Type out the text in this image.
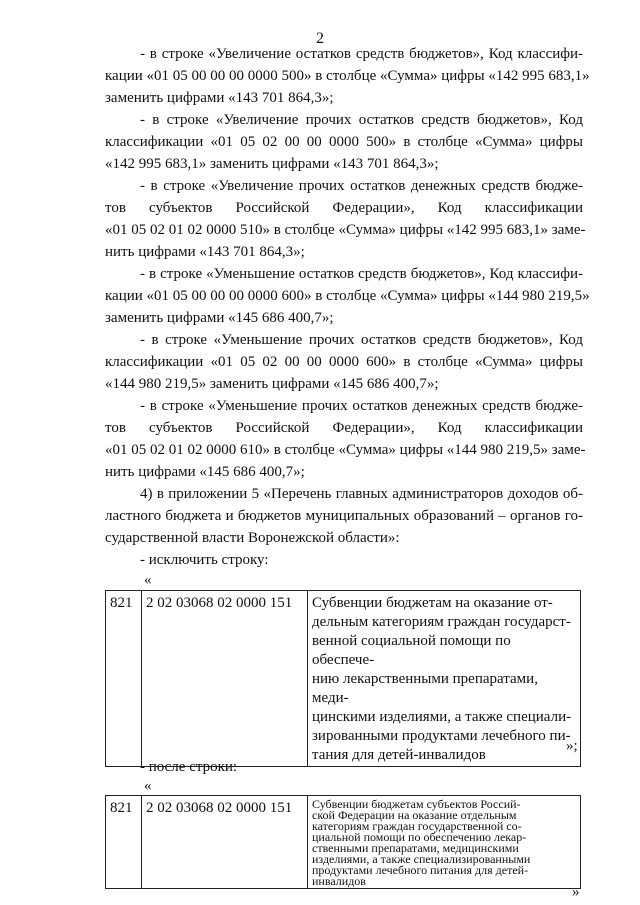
2
- в строке «Увеличение остатков средств бюджетов», Код классифи-
кации «01 05 00 00 00 0000 500» в столбце «Сумма» цифры «142 995 683,1»
заменить цифрами «143 701 864,3»;
- в строке «Увеличение прочих остатков средств бюджетов», Код
классификации «01 05 02 00 00 0000 500» в столбце «Сумма» цифры
«142 995 683,1» заменить цифрами «143 701 864,3»;
- в строке «Увеличение прочих остатков денежных средств бюдже-
тов субъектов Российской Федерации», Код классификации
«01 05 02 01 02 0000 510» в столбце «Сумма» цифры «142 995 683,1» заме-
нить цифрами «143 701 864,3»;
- в строке «Уменьшение остатков средств бюджетов», Код классифи-
кации «01 05 00 00 00 0000 600» в столбце «Сумма» цифры «144 980 219,5»
заменить цифрами «145 686 400,7»;
- в строке «Уменьшение прочих остатков средств бюджетов», Код
классификации «01 05 02 00 00 0000 600» в столбце «Сумма» цифры
«144 980 219,5» заменить цифрами «145 686 400,7»;
- в строке «Уменьшение прочих остатков денежных средств бюдже-
тов субъектов Российской Федерации», Код классификации
«01 05 02 01 02 0000 610» в столбце «Сумма» цифры «144 980 219,5» заме-
нить цифрами «145 686 400,7»;
4) в приложении 5 «Перечень главных администраторов доходов об-
ластного бюджета и бюджетов муниципальных образований – органов го-
сударственной власти Воронежской области»:
- исключить строку:
«
821	2 02 03068 02 0000 151	Субвенции бюджетам на оказание от-
дельным категориям граждан государст-
венной социальной помощи по обеспече-
нию лекарственными препаратами, меди-
цинскими изделиями, а также специали-
зированными продуктами лечебного пи-
тания для детей-инвалидов
»;
- после строки:
«
821	2 02 03068 02 0000 151	Субвенции бюджетам субъектов Россий-
ской Федерации на оказание отдельным
категориям граждан государственной со-
циальной помощи по обеспечению лекар-
ственными препаратами, медицинскими
изделиями, а также специализированными
продуктами лечебного питания для детей-
инвалидов
»
